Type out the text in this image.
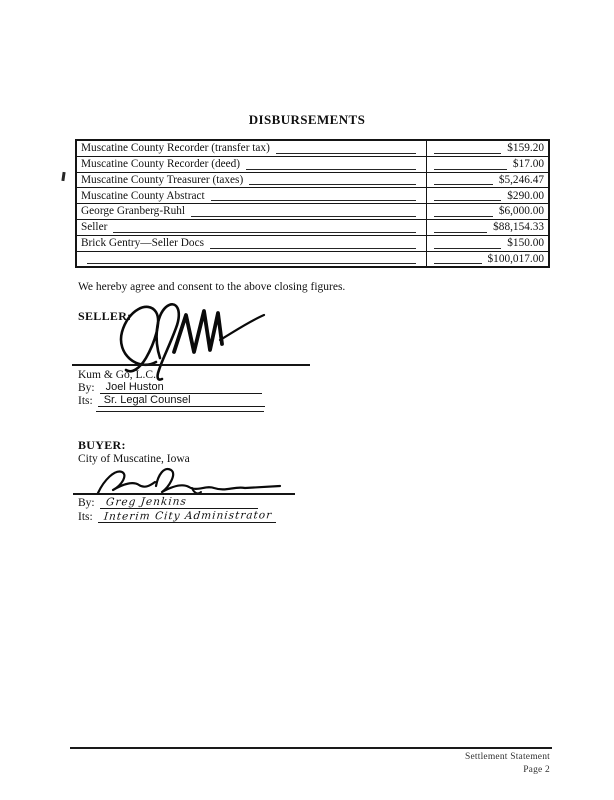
DISBURSEMENTS
Muscatine County Recorder (transfer tax)	$159.20
Muscatine County Recorder (deed)	$17.00
Muscatine County Treasurer (taxes)	$5,246.47
Muscatine County Abstract	$290.00
George Granberg-Ruhl	$6,000.00
Seller	$88,154.33
Brick Gentry—Seller Docs	$150.00
$100,017.00
We hereby agree and consent to the above closing figures.
SELLER:
Kum & Go, L.C.
By:	Joel Huston
Its:	Sr. Legal Counsel
BUYER:
City of Muscatine, Iowa
By: Greg Jenkins
Its: Interim City Administrator
Settlement Statement
Page 2
